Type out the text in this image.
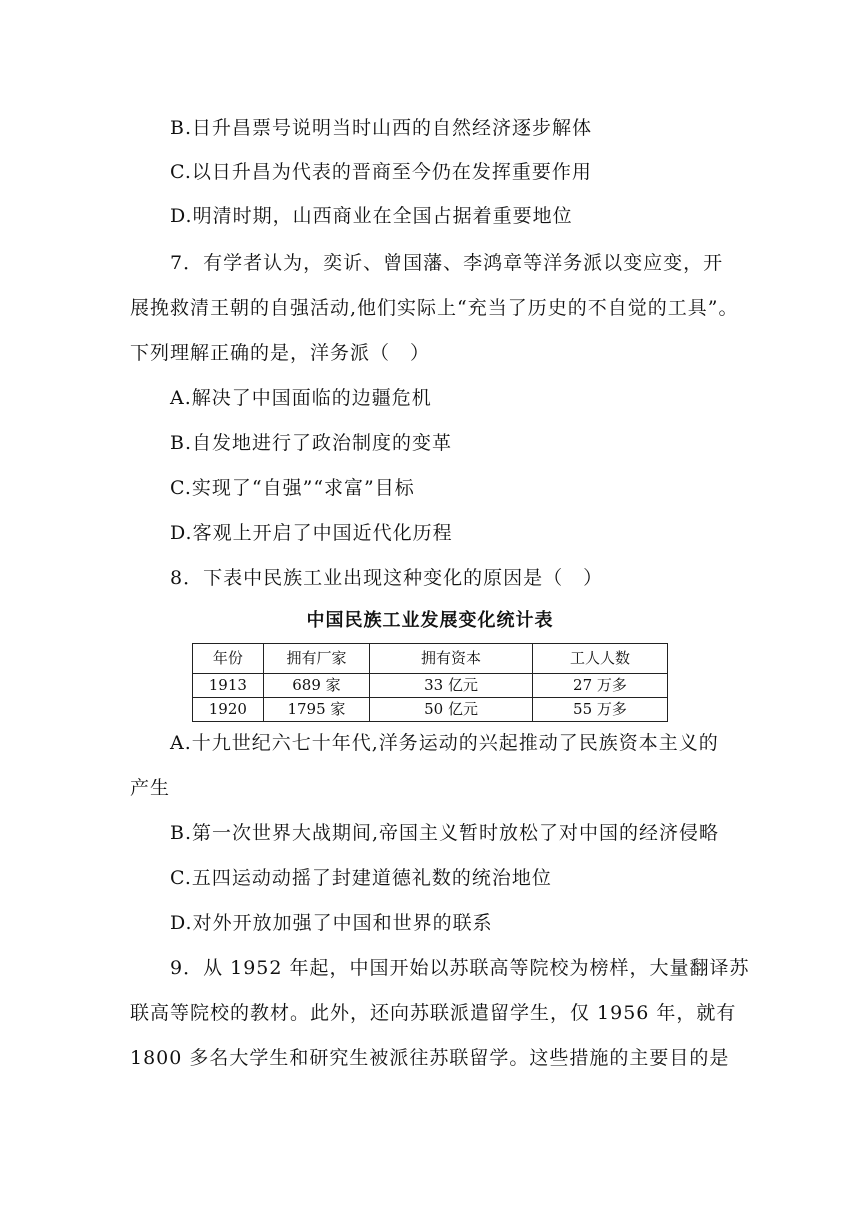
B.日升昌票号说明当时山西的自然经济逐步解体
C.以日升昌为代表的晋商至今仍在发挥重要作用
D.明清时期，山西商业在全国占据着重要地位
7．有学者认为，奕䜣、曾国藩、李鸿章等洋务派以变应变，开
展挽救清王朝的自强活动,他们实际上“充当了历史的不自觉的工具”。
下列理解正确的是，洋务派（　）
A.解决了中国面临的边疆危机
B.自发地进行了政治制度的变革
C.实现了“自强”“求富”目标
D.客观上开启了中国近代化历程
8．下表中民族工业出现这种变化的原因是（　）
中国民族工业发展变化统计表
年份	拥有厂家	拥有资本	工人人数
1913	689 家	33 亿元	27 万多
1920	1795 家	50 亿元	55 万多
A.十九世纪六七十年代,洋务运动的兴起推动了民族资本主义的
产生
B.第一次世界大战期间,帝国主义暂时放松了对中国的经济侵略
C.五四运动动摇了封建道德礼数的统治地位
D.对外开放加强了中国和世界的联系
9．从 1952 年起，中国开始以苏联高等院校为榜样，大量翻译苏
联高等院校的教材。此外，还向苏联派遣留学生，仅 1956 年，就有
1800 多名大学生和研究生被派往苏联留学。这些措施的主要目的是
